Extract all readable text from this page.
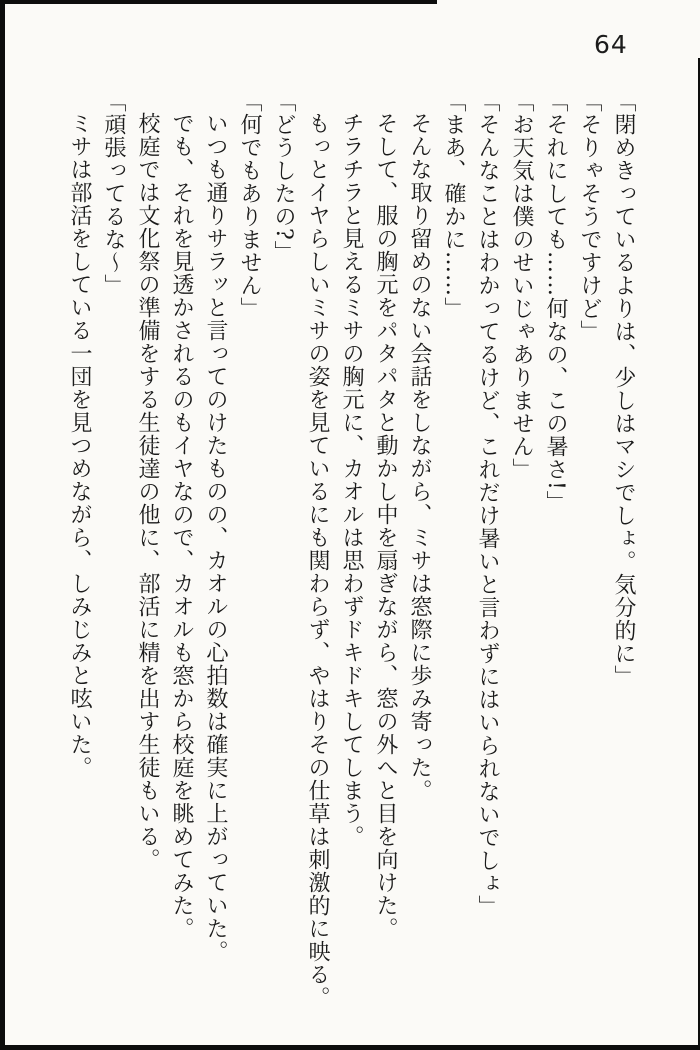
64

「閉めきっているよりは、少しはマシでしょ。気分的に」

「そりゃそうですけど」

「それにしても……何なの、この暑さ!」

「お天気は僕のせいじゃありません」

「そんなことはわかってるけど、これだけ暑いと言わずにはいられないでしょ」

「まあ、確かに……」

そんな取り留めのない会話をしながら、ミサは窓際に歩み寄った。

そして、服の胸元をパタパタと動かし中を扇ぎながら、窓の外へと目を向けた。

チラチラと見えるミサの胸元に、カオルは思わずドキドキしてしまう。

もっとイヤらしいミサの姿を見ているにも関わらず、やはりその仕草は刺激的に映る。

「どうしたの?」

「何でもありません」

いつも通りサラッと言ってのけたものの、カオルの心拍数は確実に上がっていた。

でも、それを見透かされるのもイヤなので、カオルも窓から校庭を眺めてみた。

校庭では文化祭の準備をする生徒達の他に、部活に精を出す生徒もいる。

「頑張ってるな〜」

ミサは部活をしている一団を見つめながら、しみじみと呟いた。
